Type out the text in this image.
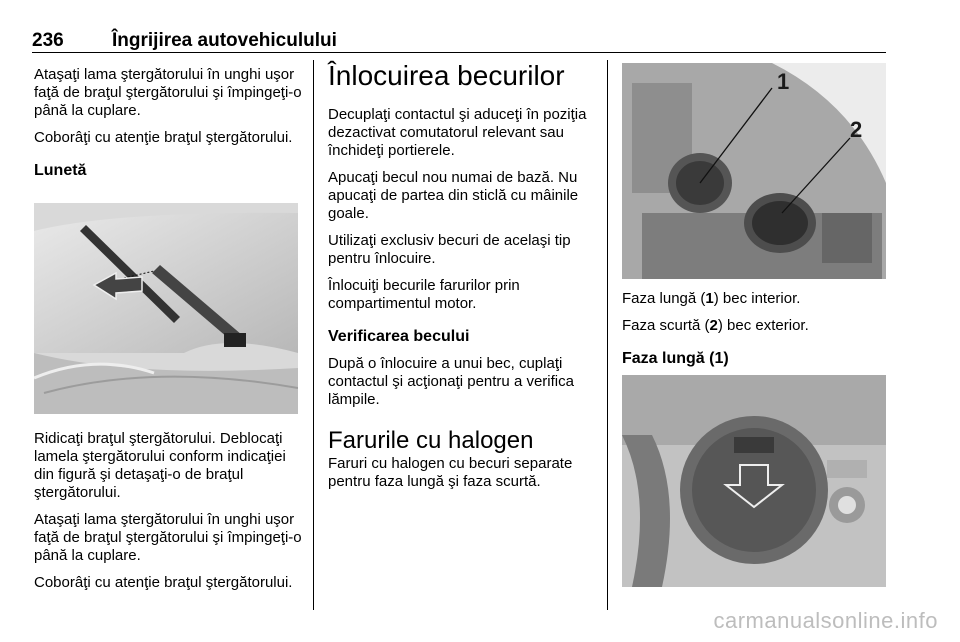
236	Îngrijirea autovehiculului

Ataşaţi lama ştergătorului în unghi uşor faţă de braţul ştergătorului şi împingeţi-o până la cuplare.

Coborâţi cu atenţie braţul ştergătorului.

Lunetă

Ridicaţi braţul ştergătorului. Deblocaţi lamela ştergătorului conform indicaţiei din figură şi detaşaţi-o de braţul ştergătorului.

Ataşaţi lama ştergătorului în unghi uşor faţă de braţul ştergătorului şi împingeţi-o până la cuplare.

Coborâţi cu atenţie braţul ştergătorului.

Înlocuirea becurilor

Decuplaţi contactul şi aduceţi în poziţia dezactivat comutatorul relevant sau închideţi portierele.

Apucaţi becul nou numai de bază. Nu apucaţi de partea din sticlă cu mâinile goale.

Utilizaţi exclusiv becuri de acelaşi tip pentru înlocuire.

Înlocuiţi becurile farurilor prin compartimentul motor.

Verificarea becului

După o înlocuire a unui bec, cuplaţi contactul şi acţionaţi pentru a verifica lămpile.

Farurile cu halogen

Faruri cu halogen cu becuri separate pentru faza lungă şi faza scurtă.

1
2

Faza lungă (1) bec interior.

Faza scurtă (2) bec exterior.

Faza lungă (1)

carmanualsonline.info
